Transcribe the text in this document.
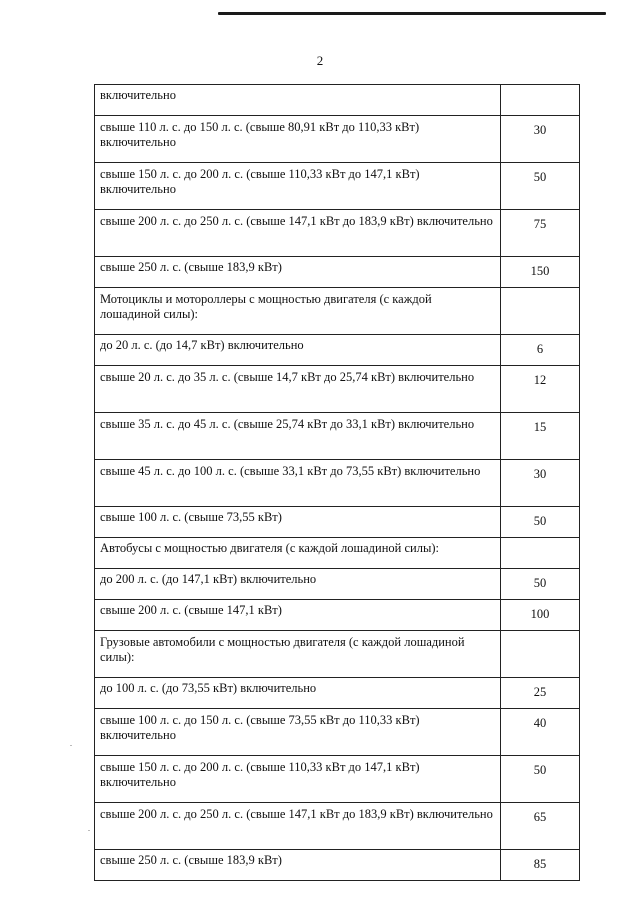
2
включительно	
свыше 110 л. с. до 150 л. с. (свыше 80,91 кВт до 110,33 кВт) включительно	30
свыше 150 л. с. до 200 л. с. (свыше 110,33 кВт до 147,1 кВт) включительно	50
свыше 200 л. с. до 250 л. с. (свыше 147,1 кВт до 183,9 кВт) включительно	75
свыше 250 л. с. (свыше 183,9 кВт)	150
Мотоциклы и мотороллеры с мощностью двигателя (с каждой лошадиной силы):	
до 20 л. с. (до 14,7 кВт) включительно	6
свыше 20 л. с. до 35 л. с. (свыше 14,7 кВт до 25,74 кВт) включительно	12
свыше 35 л. с. до 45 л. с. (свыше 25,74 кВт до 33,1 кВт) включительно	15
свыше 45 л. с. до 100 л. с. (свыше 33,1 кВт до 73,55 кВт) включительно	30
свыше 100 л. с. (свыше 73,55 кВт)	50
Автобусы с мощностью двигателя (с каждой лошадиной силы):	
до 200 л. с. (до 147,1 кВт) включительно	50
свыше 200 л. с. (свыше 147,1 кВт)	100
Грузовые автомобили с мощностью двигателя (с каждой лошадиной силы):	
до 100 л. с. (до 73,55 кВт) включительно	25
свыше 100 л. с. до 150 л. с. (свыше 73,55 кВт до 110,33 кВт) включительно	40
свыше 150 л. с. до 200 л. с. (свыше 110,33 кВт до 147,1 кВт) включительно	50
свыше 200 л. с. до 250 л. с. (свыше 147,1 кВт до 183,9 кВт) включительно	65
свыше 250 л. с. (свыше 183,9 кВт)	85
